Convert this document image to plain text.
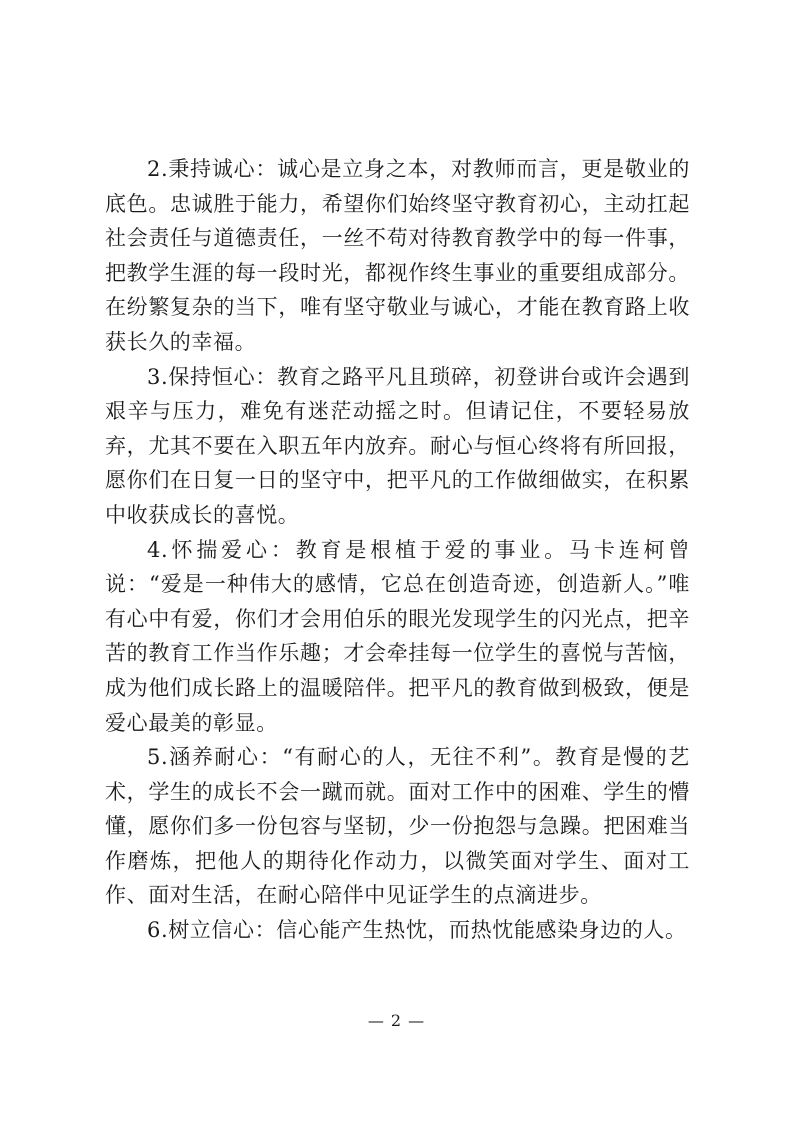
2.秉持诚心：诚心是立身之本，对教师而言，更是敬业的底色。忠诚胜于能力，希望你们始终坚守教育初心，主动扛起社会责任与道德责任，一丝不苟对待教育教学中的每一件事，把教学生涯的每一段时光，都视作终生事业的重要组成部分。在纷繁复杂的当下，唯有坚守敬业与诚心，才能在教育路上收获长久的幸福。

3.保持恒心：教育之路平凡且琐碎，初登讲台或许会遇到艰辛与压力，难免有迷茫动摇之时。但请记住，不要轻易放弃，尤其不要在入职五年内放弃。耐心与恒心终将有所回报，愿你们在日复一日的坚守中，把平凡的工作做细做实，在积累中收获成长的喜悦。

4.怀揣爱心：教育是根植于爱的事业。马卡连柯曾说：“爱是一种伟大的感情，它总在创造奇迹，创造新人。”唯有心中有爱，你们才会用伯乐的眼光发现学生的闪光点，把辛苦的教育工作当作乐趣；才会牵挂每一位学生的喜悦与苦恼，成为他们成长路上的温暖陪伴。把平凡的教育做到极致，便是爱心最美的彰显。

5.涵养耐心：“有耐心的人，无往不利”。教育是慢的艺术，学生的成长不会一蹴而就。面对工作中的困难、学生的懵懂，愿你们多一份包容与坚韧，少一份抱怨与急躁。把困难当作磨炼，把他人的期待化作动力，以微笑面对学生、面对工作、面对生活，在耐心陪伴中见证学生的点滴进步。

6.树立信心：信心能产生热忱，而热忱能感染身边的人。

— 2 —
